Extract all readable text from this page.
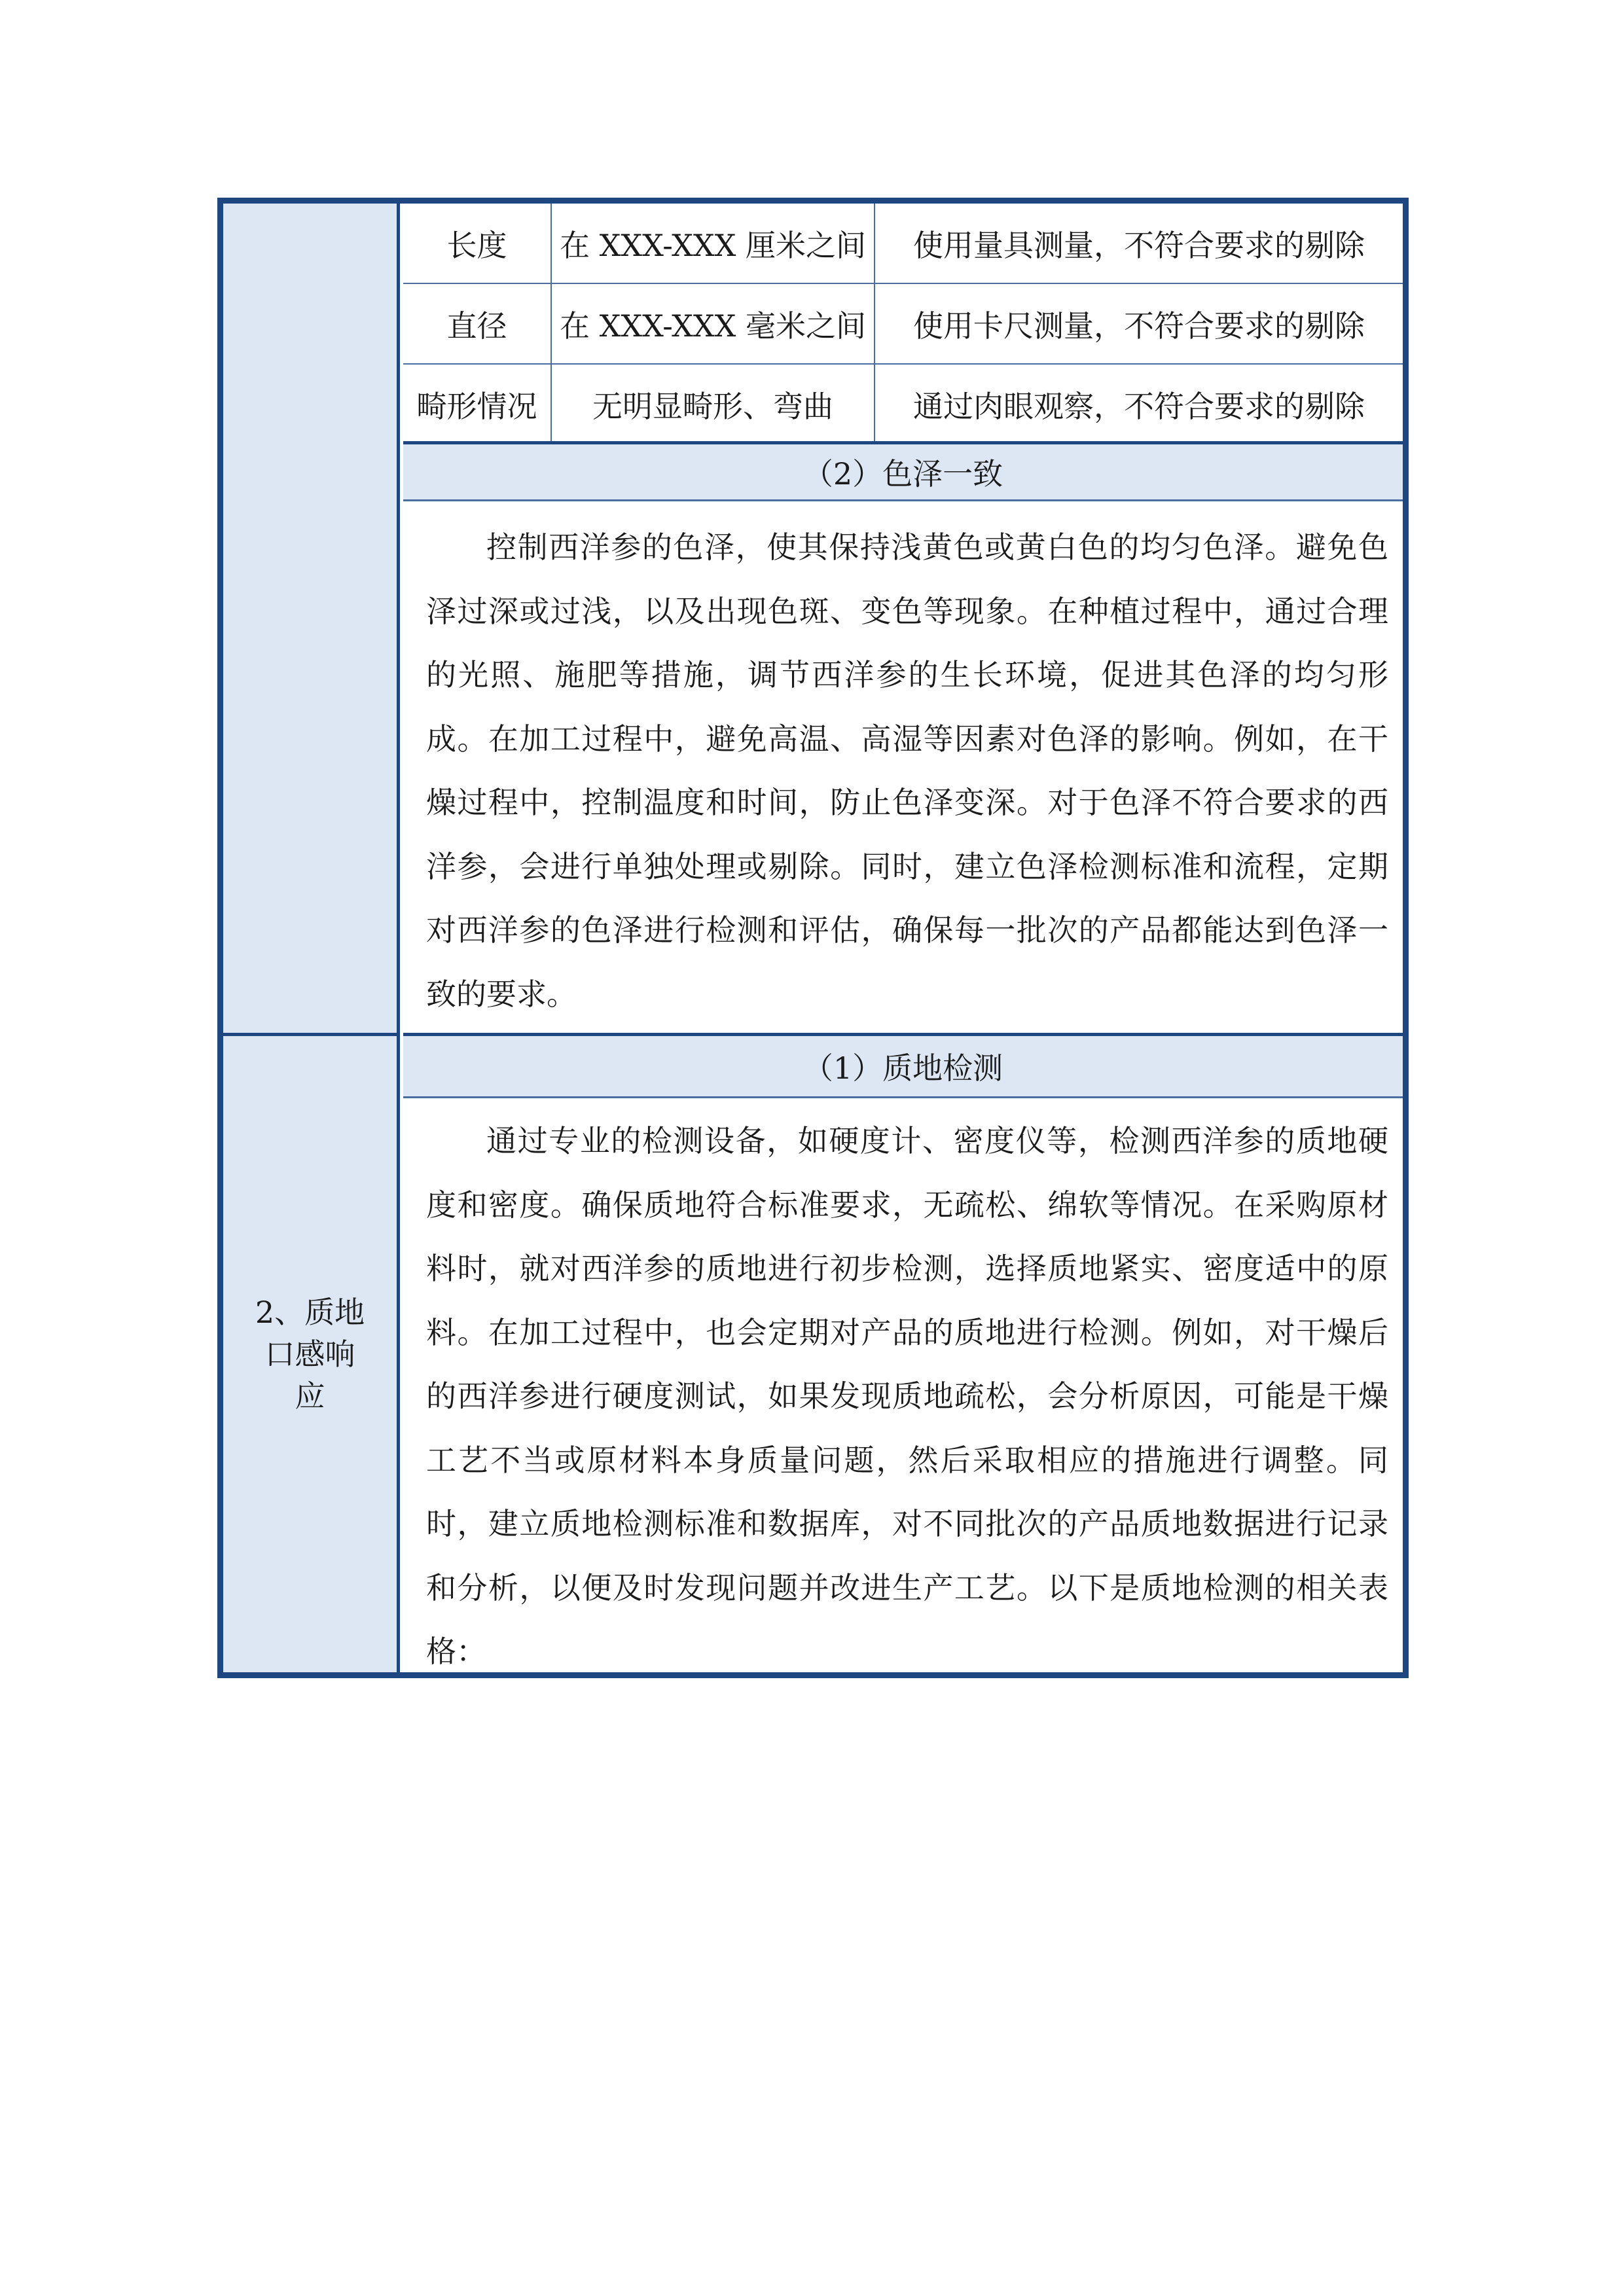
2、质地口感响应
长度	在 XXX-XXX 厘米之间	使用量具测量，不符合要求的剔除
直径	在 XXX-XXX 毫米之间	使用卡尺测量，不符合要求的剔除
畸形情况	无明显畸形、弯曲	通过肉眼观察，不符合要求的剔除
（2）色泽一致

控制西洋参的色泽，使其保持浅黄色或黄白色的均匀色泽。避免色泽过深或过浅，以及出现色斑、变色等现象。在种植过程中，通过合理的光照、施肥等措施，调节西洋参的生长环境，促进其色泽的均匀形成。在加工过程中，避免高温、高湿等因素对色泽的影响。例如，在干燥过程中，控制温度和时间，防止色泽变深。对于色泽不符合要求的西洋参，会进行单独处理或剔除。同时，建立色泽检测标准和流程，定期对西洋参的色泽进行检测和评估，确保每一批次的产品都能达到色泽一致的要求。

（1）质地检测

通过专业的检测设备，如硬度计、密度仪等，检测西洋参的质地硬度和密度。确保质地符合标准要求，无疏松、绵软等情况。在采购原材料时，就对西洋参的质地进行初步检测，选择质地紧实、密度适中的原料。在加工过程中，也会定期对产品的质地进行检测。例如，对干燥后的西洋参进行硬度测试，如果发现质地疏松，会分析原因，可能是干燥工艺不当或原材料本身质量问题，然后采取相应的措施进行调整。同时，建立质地检测标准和数据库，对不同批次的产品质地数据进行记录和分析，以便及时发现问题并改进生产工艺。以下是质地检测的相关表格：
